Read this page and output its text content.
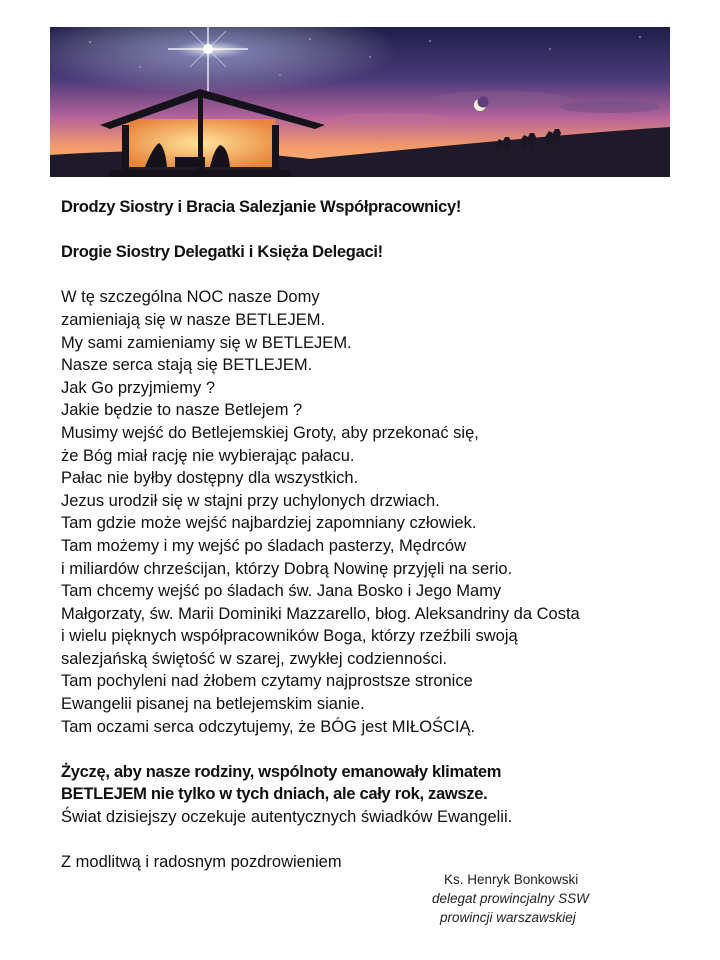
Drodzy Siostry i Bracia Salezjanie Współpracownicy!
Drogie Siostry Delegatki i Księża Delegaci!
W tę szczególna NOC nasze Domy
zamieniają się w nasze BETLEJEM.
My sami zamieniamy się w BETLEJEM.
Nasze serca stają się BETLEJEM.
Jak Go przyjmiemy ?
Jakie będzie to nasze Betlejem ?
Musimy wejść do Betlejemskiej Groty, aby przekonać się,
że Bóg miał rację nie wybierając pałacu.
Pałac nie byłby dostępny dla wszystkich.
Jezus urodził się w stajni przy uchylonych drzwiach.
Tam gdzie może wejść najbardziej zapomniany człowiek.
Tam możemy i my wejść po śladach pasterzy, Mędrców
i miliardów chrześcijan, którzy Dobrą Nowinę przyjęli na serio.
Tam chcemy wejść po śladach św. Jana Bosko i Jego Mamy
Małgorzaty, św. Marii Dominiki Mazzarello, błog. Aleksandriny da Costa
i wielu pięknych współpracowników Boga, którzy rzeźbili swoją
salezjańską świętość w szarej, zwykłej codzienności.
Tam pochyleni nad żłobem czytamy najprostsze stronice
Ewangelii pisanej na betlejemskim sianie.
Tam oczami serca odczytujemy, że BÓG jest MIŁOŚCIĄ.
Życzę, aby nasze rodziny, wspólnoty emanowały klimatem
BETLEJEM nie tylko w tych dniach, ale cały rok, zawsze.
Świat dzisiejszy oczekuje autentycznych świadków Ewangelii.
Z modlitwą i radosnym pozdrowieniem
Ks. Henryk Bonkowski
delegat prowincjalny SSW
prowincji warszawskiej
